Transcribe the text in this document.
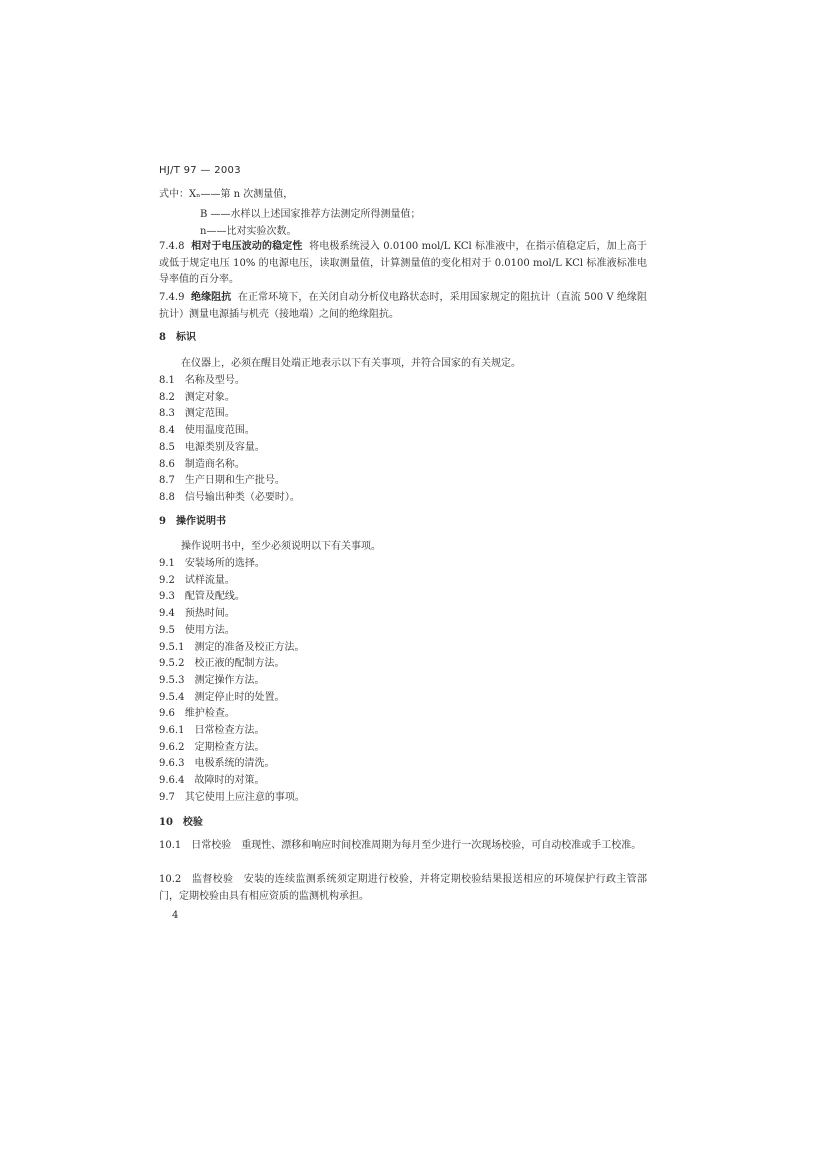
HJ/T 97 — 2003
式中：Xₙ——第 n 次测量值，
B ——水样以上述国家推荐方法测定所得测量值；
n——比对实验次数。
7.4.8 相对于电压波动的稳定性 将电极系统浸入 0.0100 mol/L KCl 标准液中，在指示值稳定后，加上高于或低于规定电压 10% 的电源电压，读取测量值，计算测量值的变化相对于 0.0100 mol/L KCl 标准液标准电导率值的百分率。
7.4.9 绝缘阻抗 在正常环境下，在关闭自动分析仪电路状态时，采用国家规定的阻抗计（直流 500 V 绝缘阻抗计）测量电源插与机壳（接地端）之间的绝缘阻抗。
8　标识
在仪器上，必须在醒目处端正地表示以下有关事项，并符合国家的有关规定。
8.1　名称及型号。
8.2　测定对象。
8.3　测定范围。
8.4　使用温度范围。
8.5　电源类别及容量。
8.6　制造商名称。
8.7　生产日期和生产批号。
8.8　信号输出种类（必要时）。
9　操作说明书
操作说明书中，至少必须说明以下有关事项。
9.1　安装场所的选择。
9.2　试样流量。
9.3　配管及配线。
9.4　预热时间。
9.5　使用方法。
9.5.1　测定的准备及校正方法。
9.5.2　校正液的配制方法。
9.5.3　测定操作方法。
9.5.4　测定停止时的处置。
9.6　维护检查。
9.6.1　日常检查方法。
9.6.2　定期检查方法。
9.6.3　电极系统的清洗。
9.6.4　故障时的对策。
9.7　其它使用上应注意的事项。
10　校验
10.1　日常校验　重现性、漂移和响应时间校准周期为每月至少进行一次现场校验，可自动校准或手工校准。
10.2　监督校验　安装的连续监测系统须定期进行校验，并将定期校验结果报送相应的环境保护行政主管部门，定期校验由具有相应资质的监测机构承担。
4
